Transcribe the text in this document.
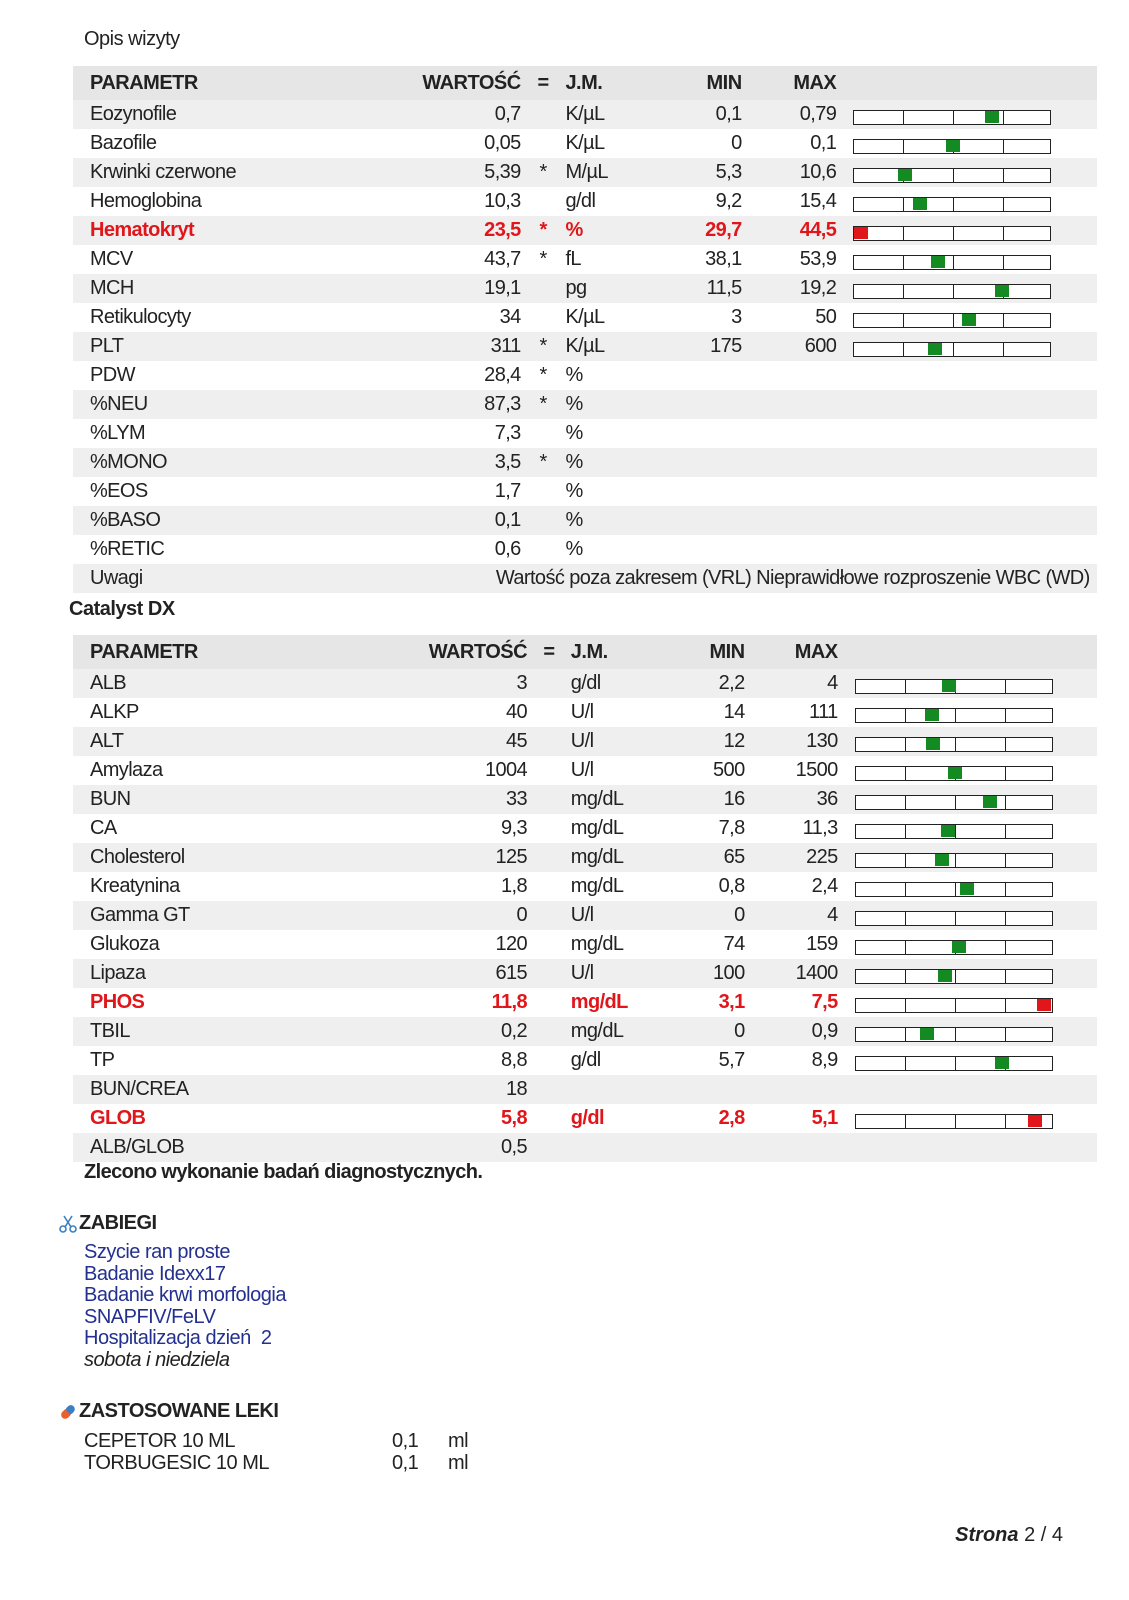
Opis wizyty
PARAMETR	WARTOŚĆ	=	J.M.	MIN	MAX	
Eozynofile	0,7		K/µL	0,1	0,79	

Bazofile	0,05		K/µL	0	0,1	

Krwinki czerwone	5,39	*	M/µL	5,3	10,6	

Hemoglobina	10,3		g/dl	9,2	15,4	

Hematokryt	23,5	*	%	29,7	44,5	

MCV	43,7	*	fL	38,1	53,9	

MCH	19,1		pg	11,5	19,2	

Retikulocyty	34		K/µL	3	50	

PLT	311	*	K/µL	175	600	

PDW	28,4	*	%			
%NEU	87,3	*	%			
%LYM	7,3		%			
%MONO	3,5	*	%			
%EOS	1,7		%			
%BASO	0,1		%			
%RETIC	0,6		%			
Uwagi	Wartość poza zakresem (VRL) Nieprawidłowe rozproszenie WBC (WD)					
Catalyst DX
PARAMETR	WARTOŚĆ	=	J.M.	MIN	MAX	
ALB	3		g/dl	2,2	4	

ALKP	40		U/l	14	111	

ALT	45		U/l	12	130	

Amylaza	1004		U/l	500	1500	

BUN	33		mg/dL	16	36	

CA	9,3		mg/dL	7,8	11,3	

Cholesterol	125		mg/dL	65	225	

Kreatynina	1,8		mg/dL	0,8	2,4	

Gamma GT	0		U/l	0	4	

Glukoza	120		mg/dL	74	159	

Lipaza	615		U/l	100	1400	

PHOS	11,8		mg/dL	3,1	7,5	

TBIL	0,2		mg/dL	0	0,9	

TP	8,8		g/dl	5,7	8,9	

BUN/CREA	18					
GLOB	5,8		g/dl	2,8	5,1	

ALB/GLOB	0,5					
Zlecono wykonanie badań diagnostycznych.
ZABIEGI
Szycie ran proste
Badanie Idexx17
Badanie krwi morfologia
SNAPFIV/FeLV
Hospitalizacja dzień  2
sobota i niedziela
ZASTOSOWANE LEKI
CEPETOR 10 ML	0,1 ml
TORBUGESIC 10 ML	0,1 ml
Strona 2 / 4
